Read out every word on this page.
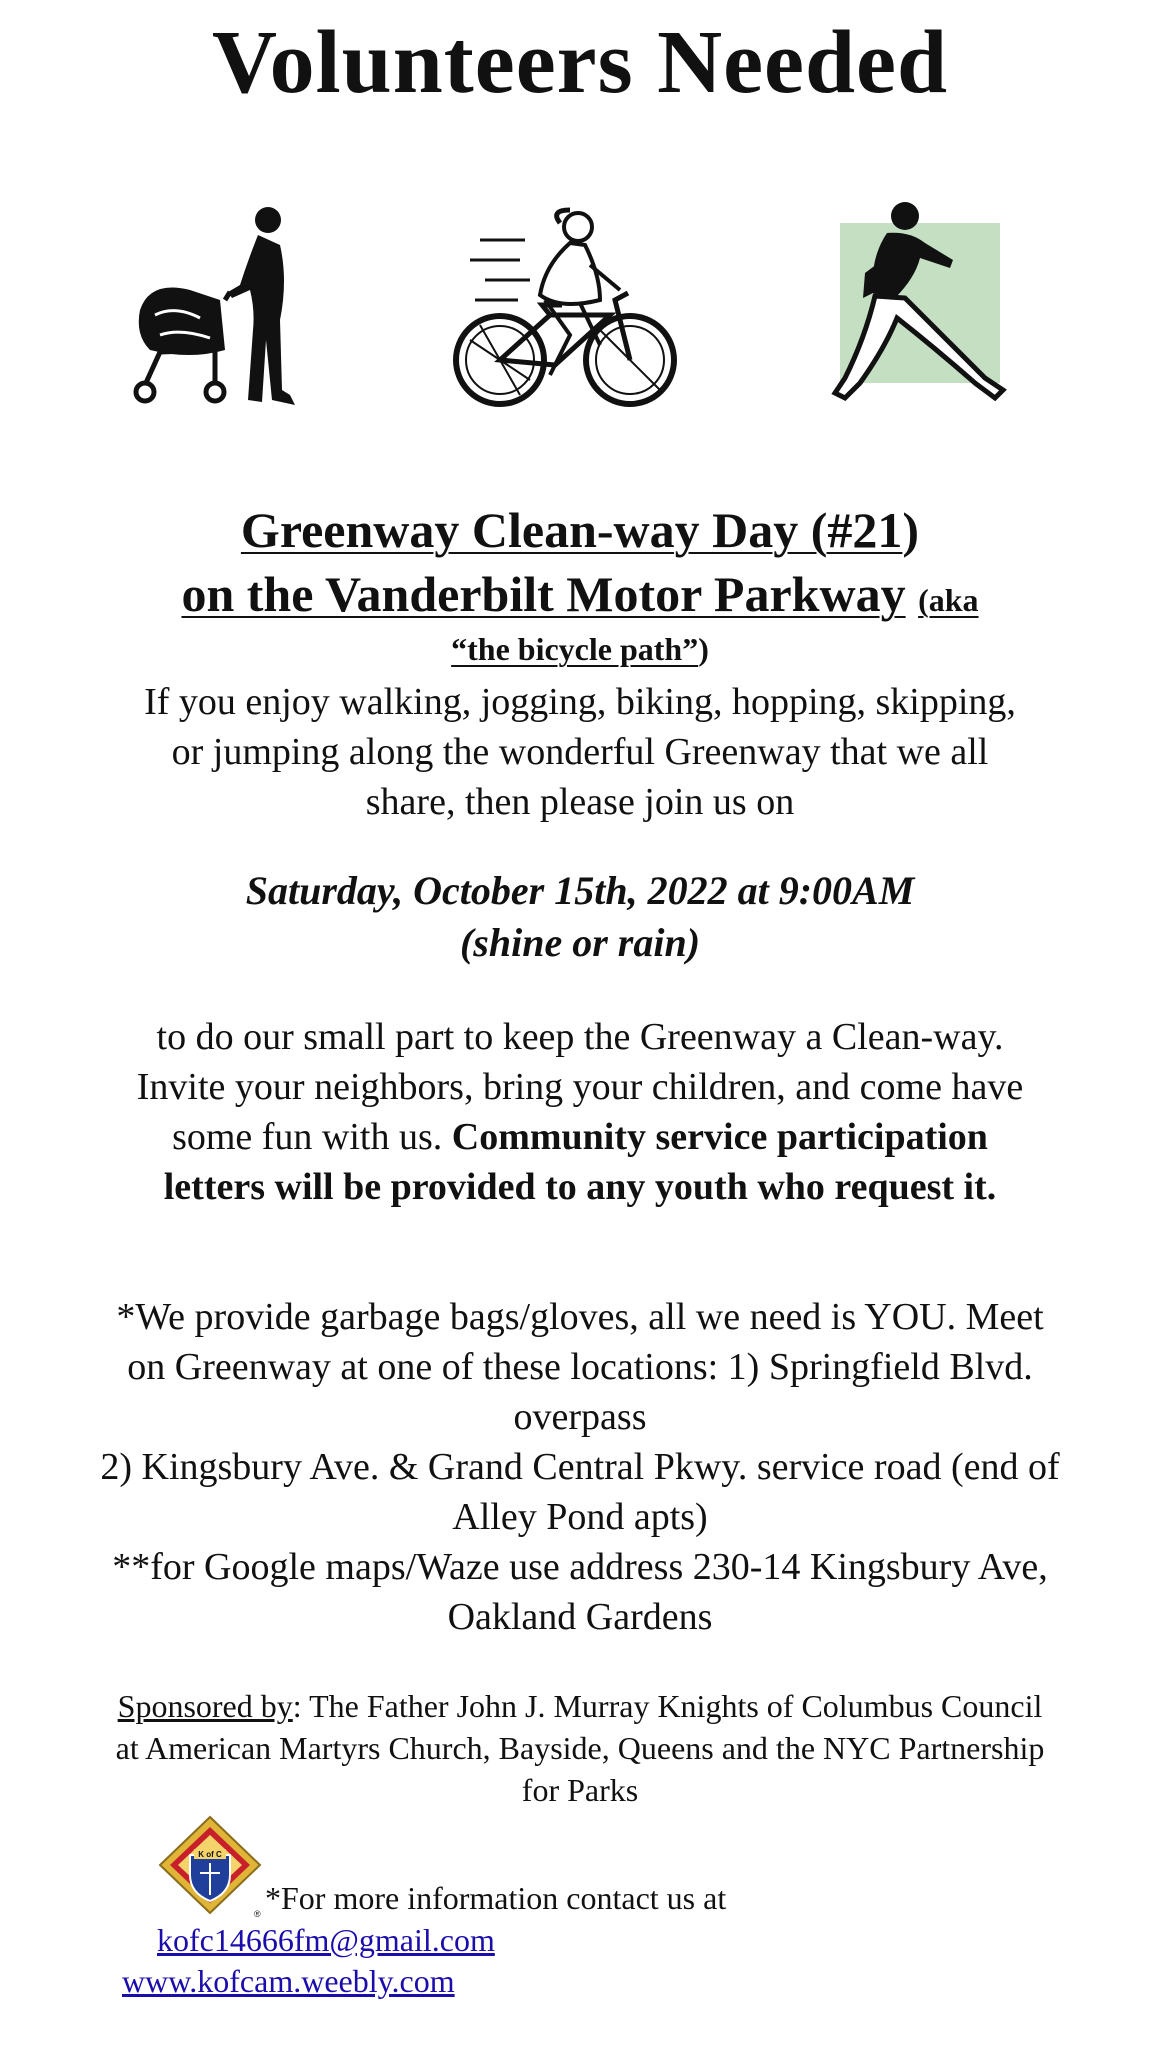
Volunteers Needed
Greenway Clean-way Day (#21)
on the Vanderbilt Motor Parkway (aka
“the bicycle path”)
If you enjoy walking, jogging, biking, hopping, skipping, or jumping along the wonderful Greenway that we all share, then please join us on
Saturday, October 15th, 2022 at 9:00AM
(shine or rain)
to do our small part to keep the Greenway a Clean-way. Invite your neighbors, bring your children, and come have some fun with us. Community service participation letters will be provided to any youth who request it.
*We provide garbage bags/gloves, all we need is YOU. Meet on Greenway at one of these locations: 1) Springfield Blvd. overpass
2) Kingsbury Ave. & Grand Central Pkwy. service road (end of Alley Pond apts)
**for Google maps/Waze use address 230-14 Kingsbury Ave, Oakland Gardens
Sponsored by: The Father John J. Murray Knights of Columbus Council at American Martyrs Church, Bayside, Queens and the NYC Partnership for Parks
K of C
® *For more information contact us at
kofc14666fm@gmail.com
www.kofcam.weebly.com
